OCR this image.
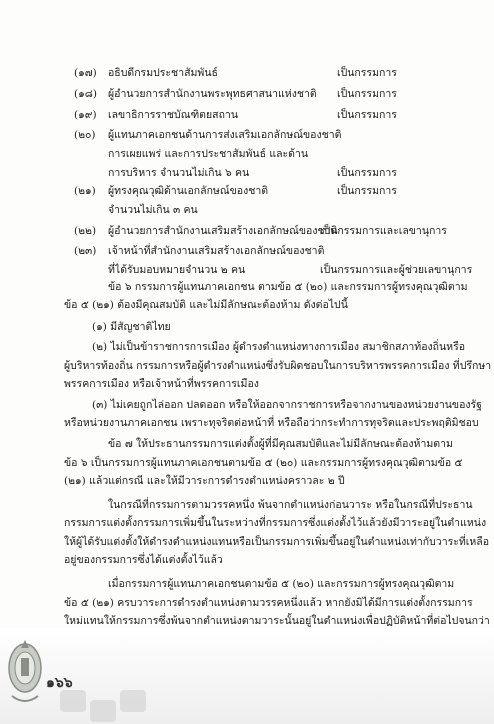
(๑๗) อธิบดีกรมประชาสัมพันธ์	เป็นกรรมการ
(๑๘) ผู้อำนวยการสำนักงานพระพุทธศาสนาแห่งชาติ เป็นกรรมการ
(๑๙) เลขาธิการราชบัณฑิตยสถาน	เป็นกรรมการ
(๒๐) ผู้แทนภาคเอกชนด้านการส่งเสริมเอกลักษณ์ของชาติ
การเผยแพร่ และการประชาสัมพันธ์ และด้าน
การบริหาร จำนวนไม่เกิน ๖ คน	เป็นกรรมการ
(๒๑) ผู้ทรงคุณวุฒิด้านเอกลักษณ์ของชาติ	เป็นกรรมการ
จำนวนไม่เกิน ๓ คน
(๒๒) ผู้อำนวยการสำนักงานเสริมสร้างเอกลักษณ์ของชาติ
เป็นกรรมการและเลขานุการ
(๒๓) เจ้าหน้าที่สำนักงานเสริมสร้างเอกลักษณ์ของชาติ
ที่ได้รับมอบหมายจำนวน ๒ คน	เป็นกรรมการและผู้ช่วยเลขานุการ
ข้อ ๖ กรรมการผู้แทนภาคเอกชน ตามข้อ ๕ (๒๐) และกรรมการผู้ทรงคุณวุฒิตาม
ข้อ ๕ (๒๑) ต้องมีคุณสมบัติ และไม่มีลักษณะต้องห้าม ดังต่อไปนี้
(๑) มีสัญชาติไทย
(๒) ไม่เป็นข้าราชการการเมือง ผู้ดำรงตำแหน่งทางการเมือง สมาชิกสภาท้องถิ่นหรือ
ผู้บริหารท้องถิ่น กรรมการหรือผู้ดำรงตำแหน่งซึ่งรับผิดชอบในการบริหารพรรคการเมือง ที่ปรึกษา
พรรคการเมือง หรือเจ้าหน้าที่พรรคการเมือง
(๓) ไม่เคยถูกไล่ออก ปลดออก หรือให้ออกจากราชการหรือจากงานของหน่วยงานของรัฐ
หรือหน่วยงานภาคเอกชน เพราะทุจริตต่อหน้าที่ หรือถือว่ากระทำการทุจริตและประพฤติมิชอบ
ข้อ ๗ ให้ประธานกรรมการแต่งตั้งผู้ที่มีคุณสมบัติและไม่มีลักษณะต้องห้ามตาม
ข้อ ๖ เป็นกรรมการผู้แทนภาคเอกชนตามข้อ ๕ (๒๐) และกรรมการผู้ทรงคุณวุฒิตามข้อ ๕
(๒๑) แล้วแต่กรณี และให้มีวาระการดำรงตำแหน่งคราวละ ๒ ปี
ในกรณีที่กรรมการตามวรรคหนึ่ง พ้นจากตำแหน่งก่อนวาระ หรือในกรณีที่ประธาน
กรรมการแต่งตั้งกรรมการเพิ่มขึ้นในระหว่างที่กรรมการซึ่งแต่งตั้งไว้แล้วยังมีวาระอยู่ในตำแหน่ง
ให้ผู้ได้รับแต่งตั้งให้ดำรงตำแหน่งแทนหรือเป็นกรรมการเพิ่มขึ้นอยู่ในตำแหน่งเท่ากับวาระที่เหลือ
อยู่ของกรรมการซึ่งได้แต่งตั้งไว้แล้ว
เมื่อกรรมการผู้แทนภาคเอกชนตามข้อ ๕ (๒๐) และกรรมการผู้ทรงคุณวุฒิตาม
ข้อ ๕ (๒๑) ครบวาระการดำรงตำแหน่งตามวรรคหนึ่งแล้ว หากยังมิได้มีการแต่งตั้งกรรมการ
ใหม่แทนให้กรรมการซึ่งพ้นจากตำแหน่งตามวาระนั้นอยู่ในตำแหน่งเพื่อปฏิบัติหน้าที่ต่อไปจนกว่า
๑๖๖
